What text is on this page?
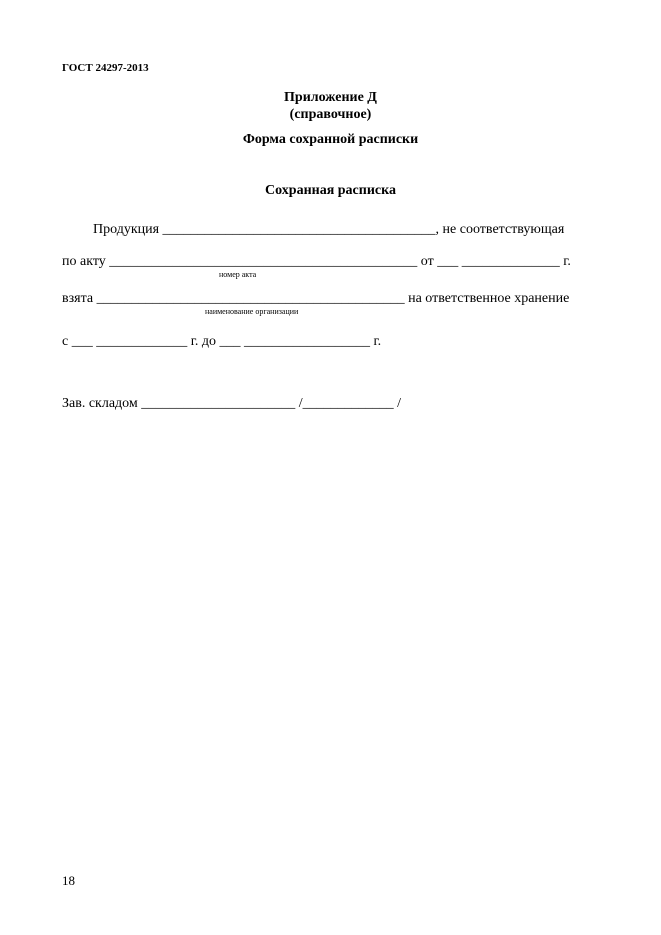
ГОСТ 24297-2013
Приложение Д
(справочное)
Форма сохранной расписки
Сохранная расписка
Продукция _______________________________________, не соответствующая
по акту ____________________________________________ от ___ ______________ г.
номер акта
взята ____________________________________________ на ответственное хранение
наименование организации
с ___ _____________ г. до ___ __________________ г.
Зав. складом ______________________ /_____________ /
18
